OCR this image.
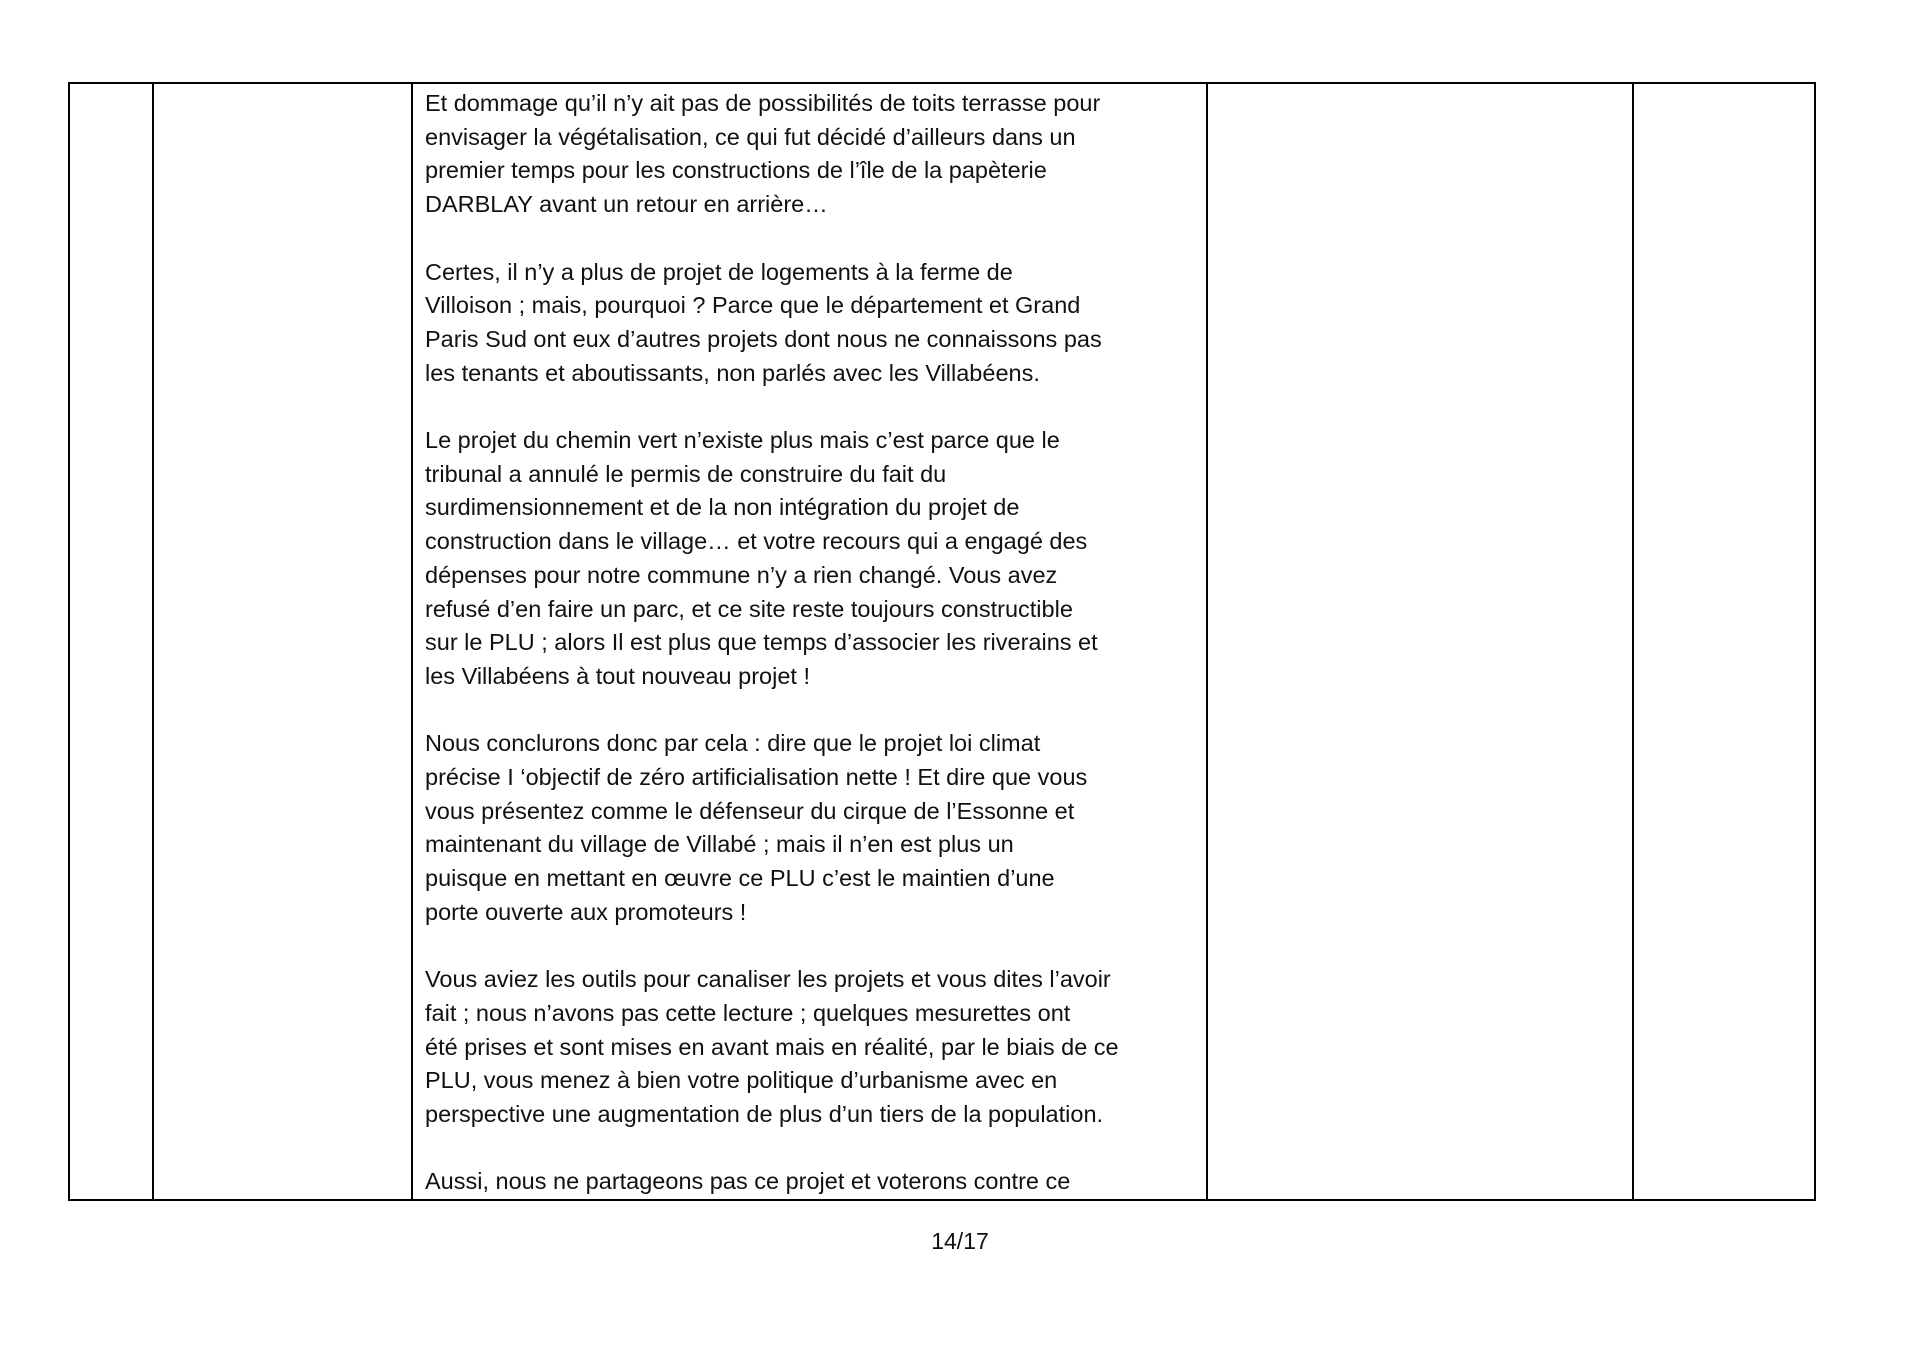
Et dommage qu’il n’y ait pas de possibilités de toits terrasse pour
envisager la végétalisation, ce qui fut décidé d’ailleurs dans un
premier temps pour les constructions de l’île de la papèterie
DARBLAY avant un retour en arrière…

Certes, il n’y a plus de projet de logements à la ferme de
Villoison ; mais, pourquoi ? Parce que le département et Grand
Paris Sud ont eux d’autres projets dont nous ne connaissons pas
les tenants et aboutissants, non parlés avec les Villabéens.

Le projet du chemin vert n’existe plus mais c’est parce que le
tribunal a annulé le permis de construire du fait du
surdimensionnement et de la non intégration du projet de
construction dans le village… et votre recours qui a engagé des
dépenses pour notre commune n’y a rien changé. Vous avez
refusé d’en faire un parc, et ce site reste toujours constructible
sur le PLU ; alors Il est plus que temps d’associer les riverains et
les Villabéens à tout nouveau projet !

Nous conclurons donc par cela : dire que le projet loi climat
précise I ‘objectif de zéro artificialisation nette ! Et dire que vous
vous présentez comme le défenseur du cirque de l’Essonne et
maintenant du village de Villabé ; mais il n’en est plus un
puisque en mettant en œuvre ce PLU c’est le maintien d’une
porte ouverte aux promoteurs !

Vous aviez les outils pour canaliser les projets et vous dites l’avoir
fait ; nous n’avons pas cette lecture ; quelques mesurettes ont
été prises et sont mises en avant mais en réalité, par le biais de ce
PLU, vous menez à bien votre politique d’urbanisme avec en
perspective une augmentation de plus d’un tiers de la population.

Aussi, nous ne partageons pas ce projet et voterons contre ce

14/17
